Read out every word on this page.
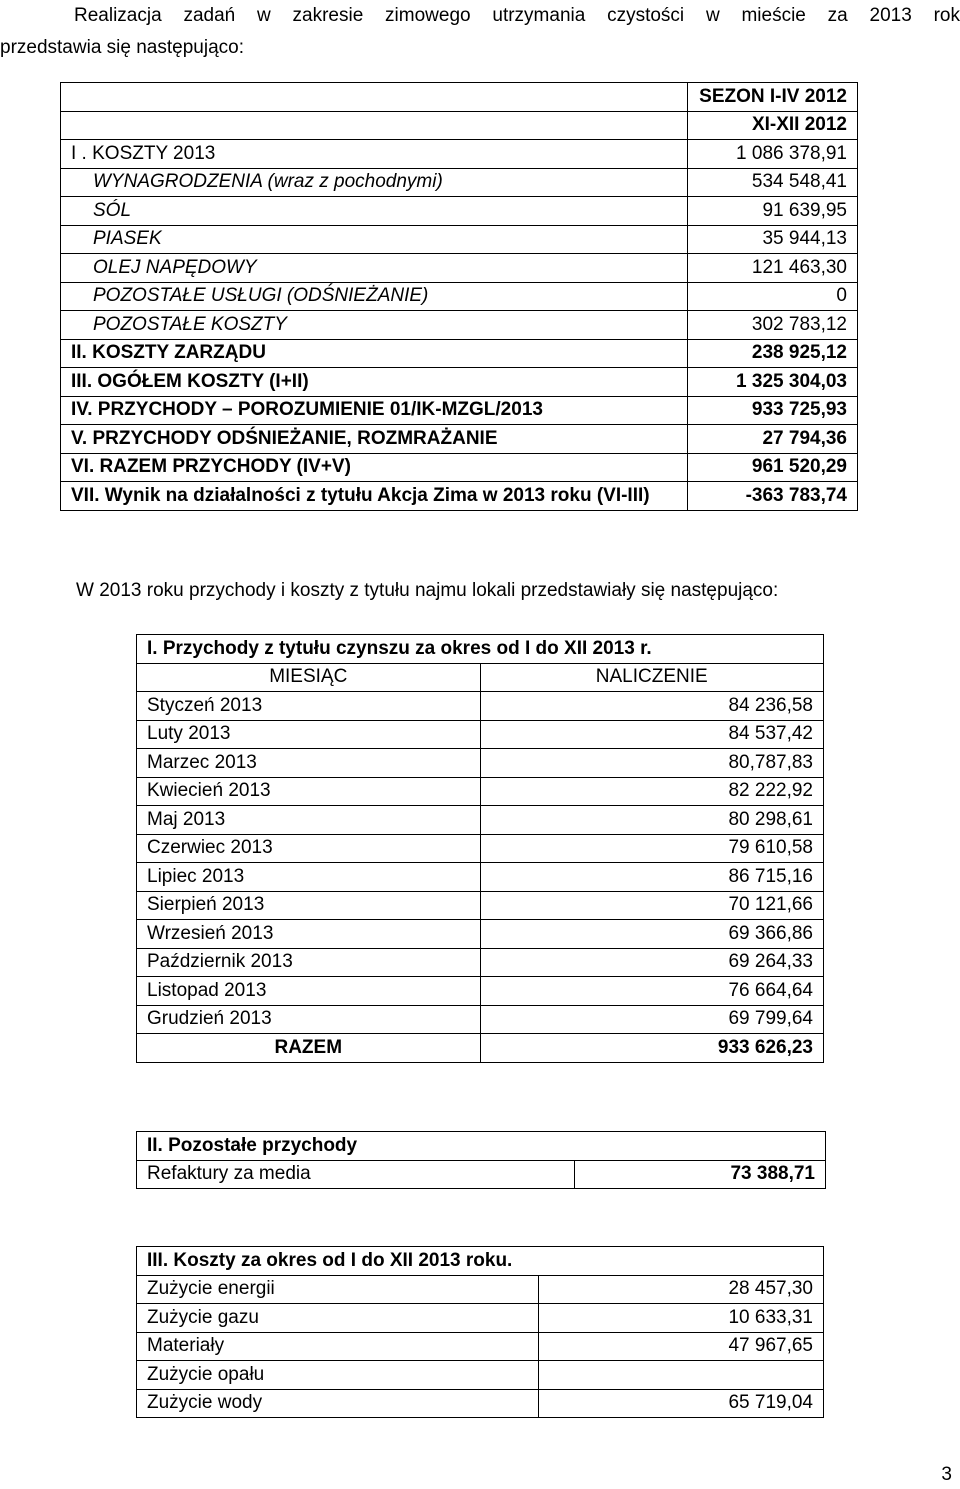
Realizacja zadań w zakresie zimowego utrzymania czystości w mieście za 2013 rok
przedstawia się następująco:
	SEZON I-IV 2012
	XI-XII 2012
I . KOSZTY 2013	1 086 378,91
WYNAGRODZENIA (wraz z pochodnymi)	534 548,41
SÓL	91 639,95
PIASEK	35 944,13
OLEJ NAPĘDOWY	121 463,30
POZOSTAŁE USŁUGI (ODŚNIEŻANIE)	0
POZOSTAŁE KOSZTY	302 783,12
II. KOSZTY ZARZĄDU	238 925,12
III. OGÓŁEM KOSZTY (I+II)	1 325 304,03
IV. PRZYCHODY – POROZUMIENIE 01/IK-MZGL/2013	933 725,93
V. PRZYCHODY ODŚNIEŻANIE, ROZMRAŻANIE	27 794,36
VI. RAZEM PRZYCHODY (IV+V)	961 520,29
VII. Wynik na działalności z tytułu Akcja Zima w 2013 roku (VI-III)	-363 783,74
W 2013 roku przychody i koszty z tytułu najmu lokali przedstawiały się następująco:
I. Przychody z tytułu czynszu za okres od I do XII 2013 r.	
MIESIĄC	NALICZENIE
Styczeń 2013	84 236,58
Luty 2013	84 537,42
Marzec 2013	80,787,83
Kwiecień 2013	82 222,92
Maj 2013	80 298,61
Czerwiec 2013	79 610,58
Lipiec 2013	86 715,16
Sierpień 2013	70 121,66
Wrzesień 2013	69 366,86
Październik 2013	69 264,33
Listopad 2013	76 664,64
Grudzień 2013	69 799,64
RAZEM	933 626,23
II. Pozostałe przychody
Refaktury za media	73 388,71
III. Koszty za okres od I do XII 2013 roku.	
Zużycie energii	28 457,30
Zużycie gazu	10 633,31
Materiały	47 967,65
Zużycie opału	
Zużycie wody	65 719,04
3
